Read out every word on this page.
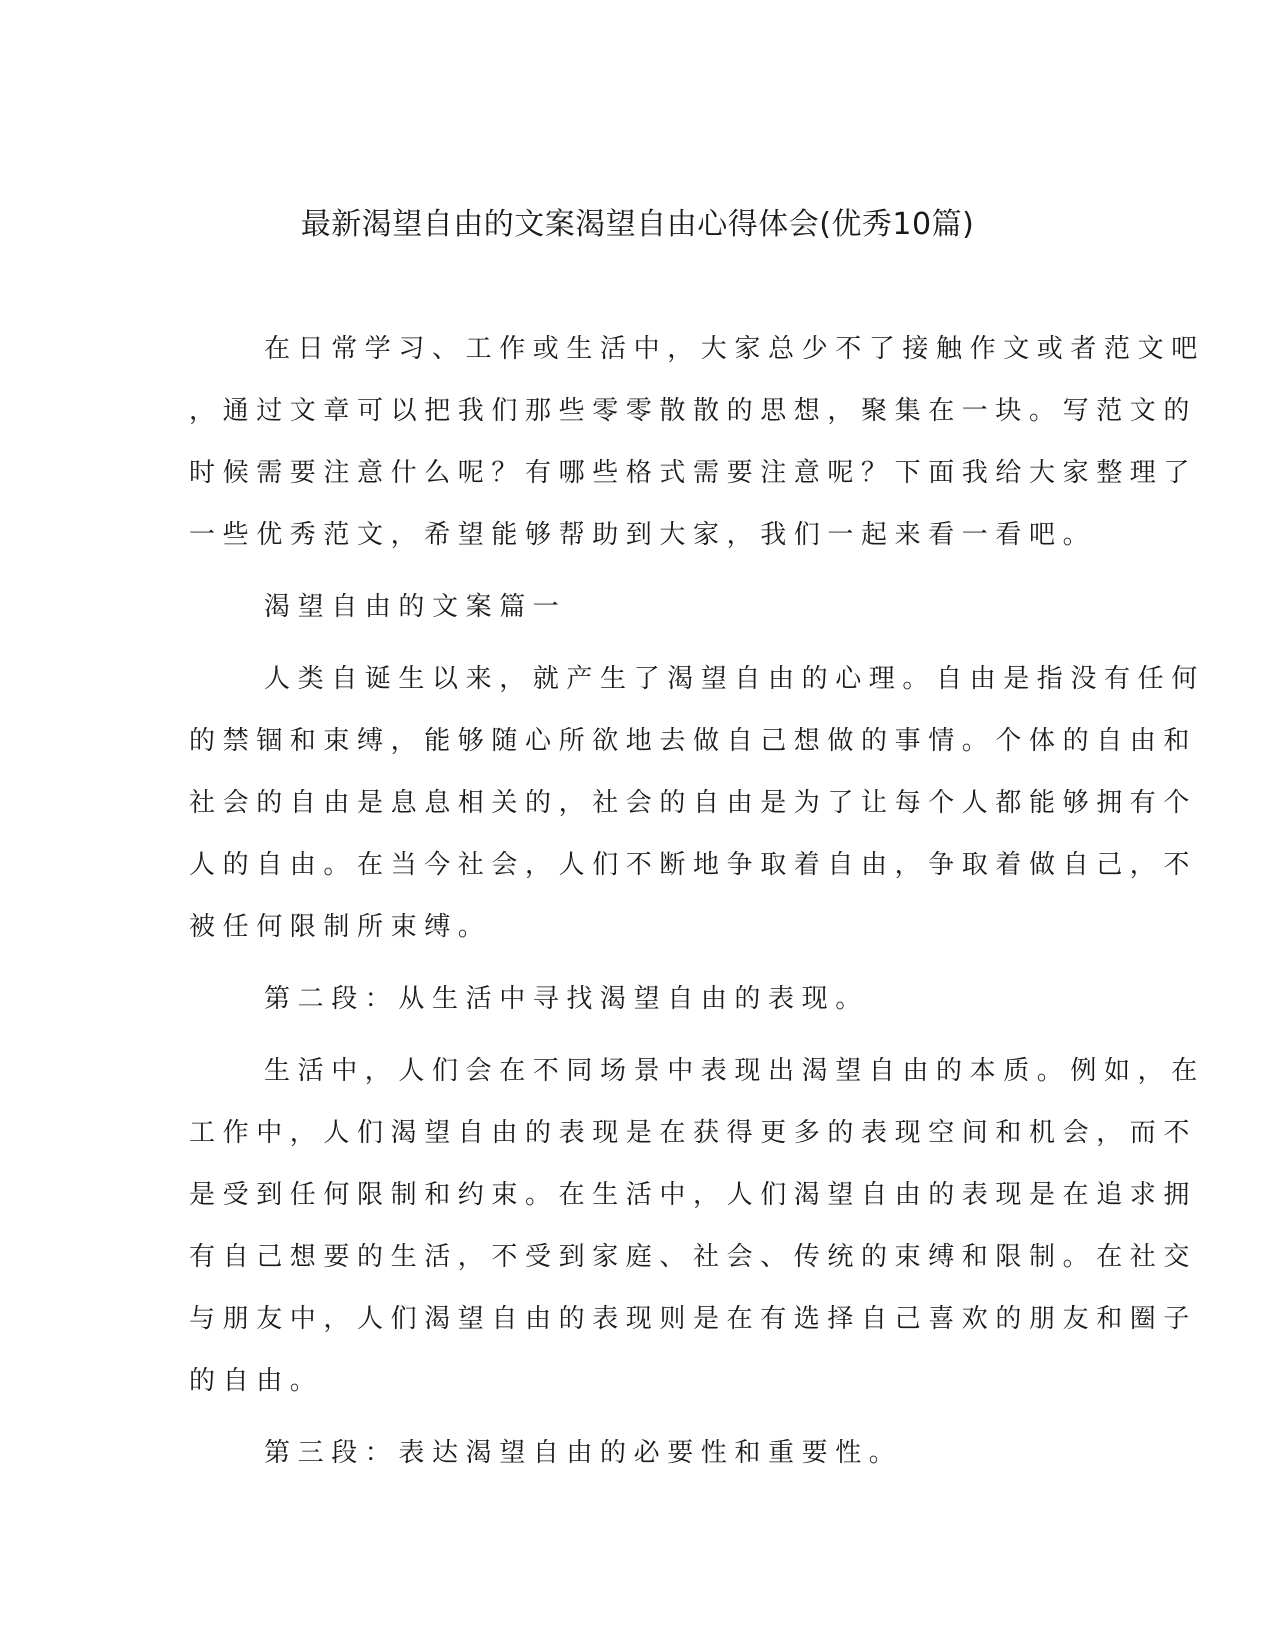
最新渴望自由的文案渴望自由心得体会(优秀10篇)
在日常学习、工作或生活中，大家总少不了接触作文或者范文吧
，通过文章可以把我们那些零零散散的思想，聚集在一块。写范文的
时候需要注意什么呢？有哪些格式需要注意呢？下面我给大家整理了
一些优秀范文，希望能够帮助到大家，我们一起来看一看吧。
渴望自由的文案篇一
人类自诞生以来，就产生了渴望自由的心理。自由是指没有任何
的禁锢和束缚，能够随心所欲地去做自己想做的事情。个体的自由和
社会的自由是息息相关的，社会的自由是为了让每个人都能够拥有个
人的自由。在当今社会，人们不断地争取着自由，争取着做自己，不
被任何限制所束缚。
第二段：从生活中寻找渴望自由的表现。
生活中，人们会在不同场景中表现出渴望自由的本质。例如，在
工作中，人们渴望自由的表现是在获得更多的表现空间和机会，而不
是受到任何限制和约束。在生活中，人们渴望自由的表现是在追求拥
有自己想要的生活，不受到家庭、社会、传统的束缚和限制。在社交
与朋友中，人们渴望自由的表现则是在有选择自己喜欢的朋友和圈子
的自由。
第三段：表达渴望自由的必要性和重要性。
